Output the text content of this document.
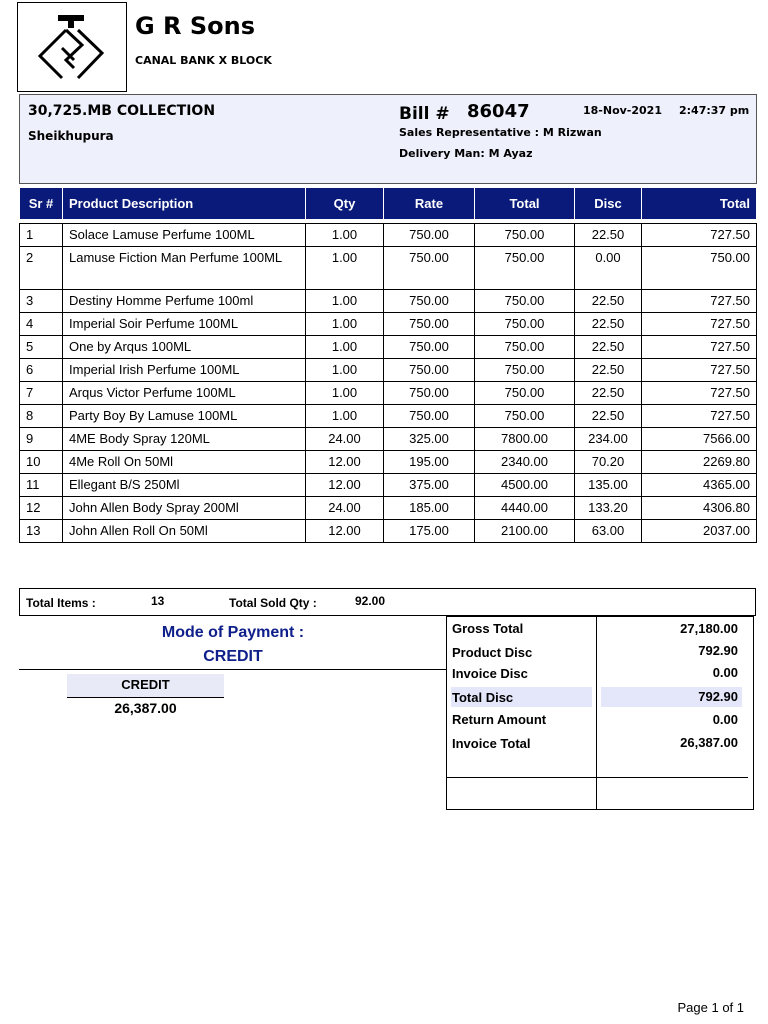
G R Sons
CANAL BANK X BLOCK
30,725.MB COLLECTION
Sheikhupura
Bill # 86047	18-Nov-2021 2:47:37 pm
Sales Representative : M Rizwan
Delivery Man: M Ayaz
Sr #	Product Description	Qty	Rate	Total	Disc	Total

1	Solace Lamuse Perfume 100ML	1.00	750.00	750.00	22.50	727.50
2	Lamuse Fiction Man Perfume 100ML	1.00	750.00	750.00	0.00	750.00
3	Destiny Homme Perfume 100ml	1.00	750.00	750.00	22.50	727.50
4	Imperial Soir Perfume 100ML	1.00	750.00	750.00	22.50	727.50
5	One by Arqus 100ML	1.00	750.00	750.00	22.50	727.50
6	Imperial Irish Perfume 100ML	1.00	750.00	750.00	22.50	727.50
7	Arqus Victor Perfume 100ML	1.00	750.00	750.00	22.50	727.50
8	Party Boy By Lamuse 100ML	1.00	750.00	750.00	22.50	727.50
9	4ME Body Spray 120ML	24.00	325.00	7800.00	234.00	7566.00
10	4Me Roll On 50Ml	12.00	195.00	2340.00	70.20	2269.80
11	Ellegant B/S 250Ml	12.00	375.00	4500.00	135.00	4365.00
12	John Allen Body Spray 200Ml	24.00	185.00	4440.00	133.20	4306.80
13	John Allen Roll On 50Ml	12.00	175.00	2100.00	63.00	2037.00
Total Items :	13	Total Sold Qty :	92.00
Mode of Payment :
CREDIT
CREDIT
26,387.00
Gross Total	27,180.00
Product Disc	792.90
Invoice Disc	0.00
Total Disc	792.90
Return Amount	0.00
Invoice Total	26,387.00
Page 1 of 1
